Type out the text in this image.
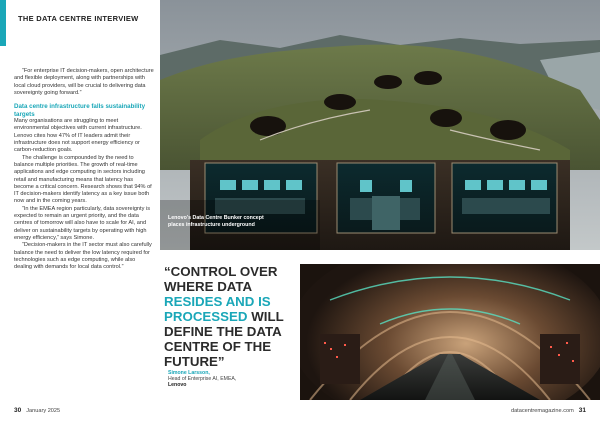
THE DATA CENTRE INTERVIEW

“For enterprise IT decision-makers, open architecture and flexible deployment, along with partnerships with local cloud providers, will be crucial to delivering data sovereignty going forward.”

Data centre infrastructure falls sustainability targets

Many organisations are struggling to meet environmental objectives with current infrastructure. Lenovo cites how 47% of IT leaders admit their infrastructure does not support energy efficiency or carbon-reduction goals.

The challenge is compounded by the need to balance multiple priorities. The growth of real-time applications and edge computing in sectors including retail and manufacturing means that latency has become a critical concern. Research shows that 94% of IT decision-makers identify latency as a key issue both now and in the coming years.

“In the EMEA region particularly, data sovereignty is expected to remain an urgent priority, and the data centres of tomorrow will also have to scale for AI, and deliver on sustainability targets by operating with high energy efficiency,” says Simone.

“Decision-makers in the IT sector must also carefully balance the need to deliver the low latency required for technologies such as edge computing, while also dealing with demands for local data control.”

Lenovo’s Data Centre Bunker concept places infrastructure underground
“CONTROL OVER WHERE DATA RESIDES AND IS PROCESSED WILL DEFINE THE DATA CENTRE OF THE FUTURE”
Simone Larsson,
Head of Enterprise AI, EMEA,
Lenovo
30 January 2025	datacentremagazine.com 31
